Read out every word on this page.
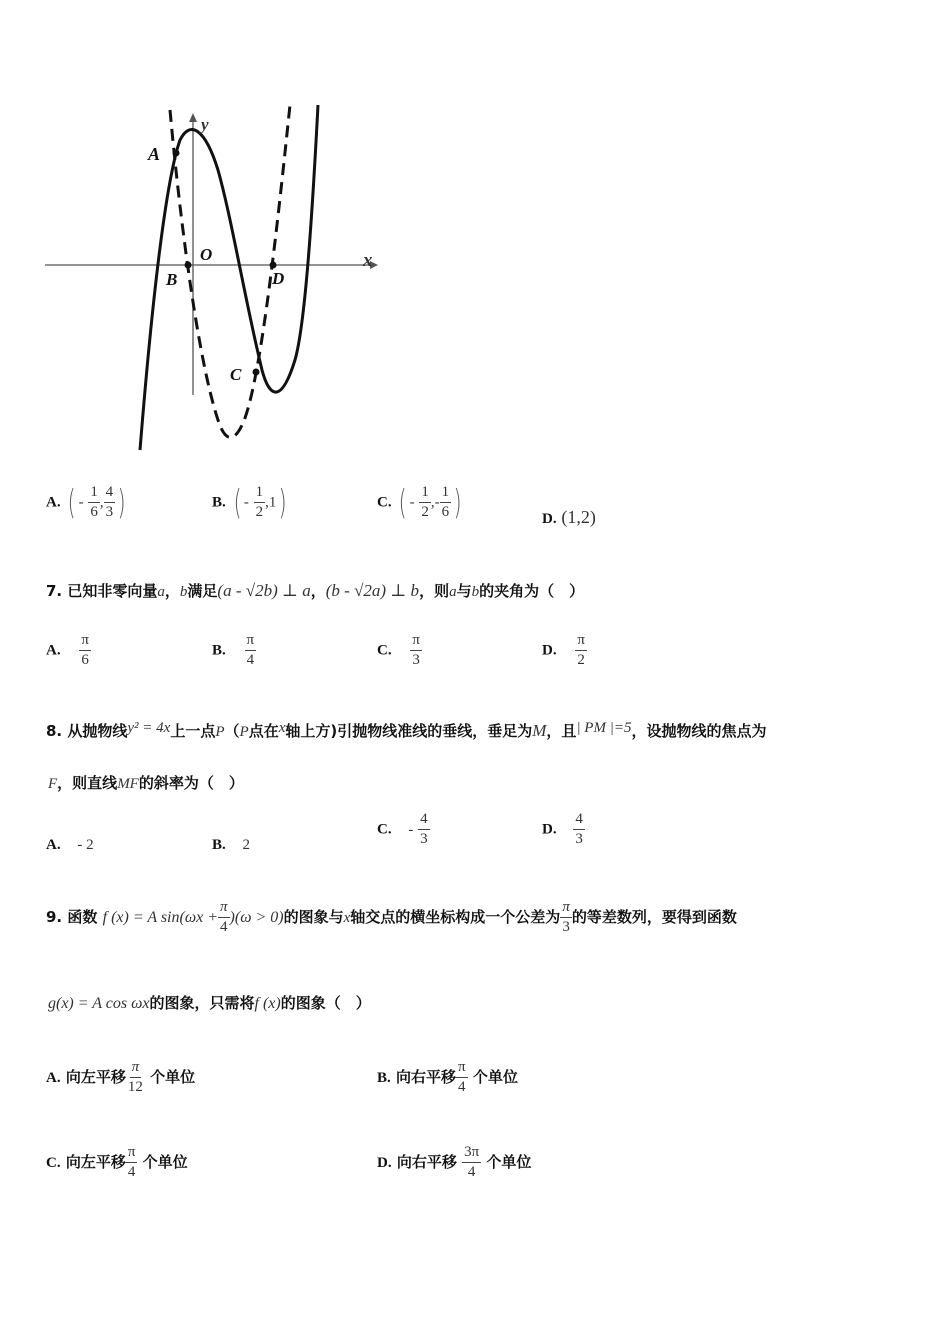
y
x
O
A
B	D
C
A. ( - $\frac{1}{6}$ , $\frac{4}{3}$ )	B. ( - $\frac{1}{2} ,1$)	C. ( - $\frac{1}{2}$ ,- $\frac{1}{6}$ )	D. (1,2)
7. 已知非零向量a，b满足(a - √2b) ⊥ a，(b - √2a) ⊥ b，则a与b的夹角为（　）
A. $\frac{\pi}{6}$	B. $\frac{\pi}{4}$	C. $\frac{\pi}{3}$	D. $\frac{\pi}{2}$
8. 从抛物线y² = 4x上一点P（P点在x轴上方)引抛物线准线的垂线，垂足为M，且| PM |=5，设抛物线的焦点为
F，则直线MF的斜率为（　）
A. - 2	B. 2
C. - $\frac{4}{3}$	D. $\frac{4}{3}$
9. 函数 f (x) = A $\sin(\omega x + \frac{\pi}{4} )(\omega > 0)$的图象与x轴交点的横坐标构成一个公差为 $\frac{\pi}{3}$ 的等差数列，要得到函数
g(x) = A cos ωx的图象，只需将f (x)的图象（　）
A. 向左平移 $\frac{\pi}{12}$ 个单位	B. 向右平移 $\frac{\pi}{4}$ 个单位
C. 向左平移 $\frac{\pi}{4}$ 个单位	D. 向右平移 $\frac{3\pi}{4}$ 个单位
